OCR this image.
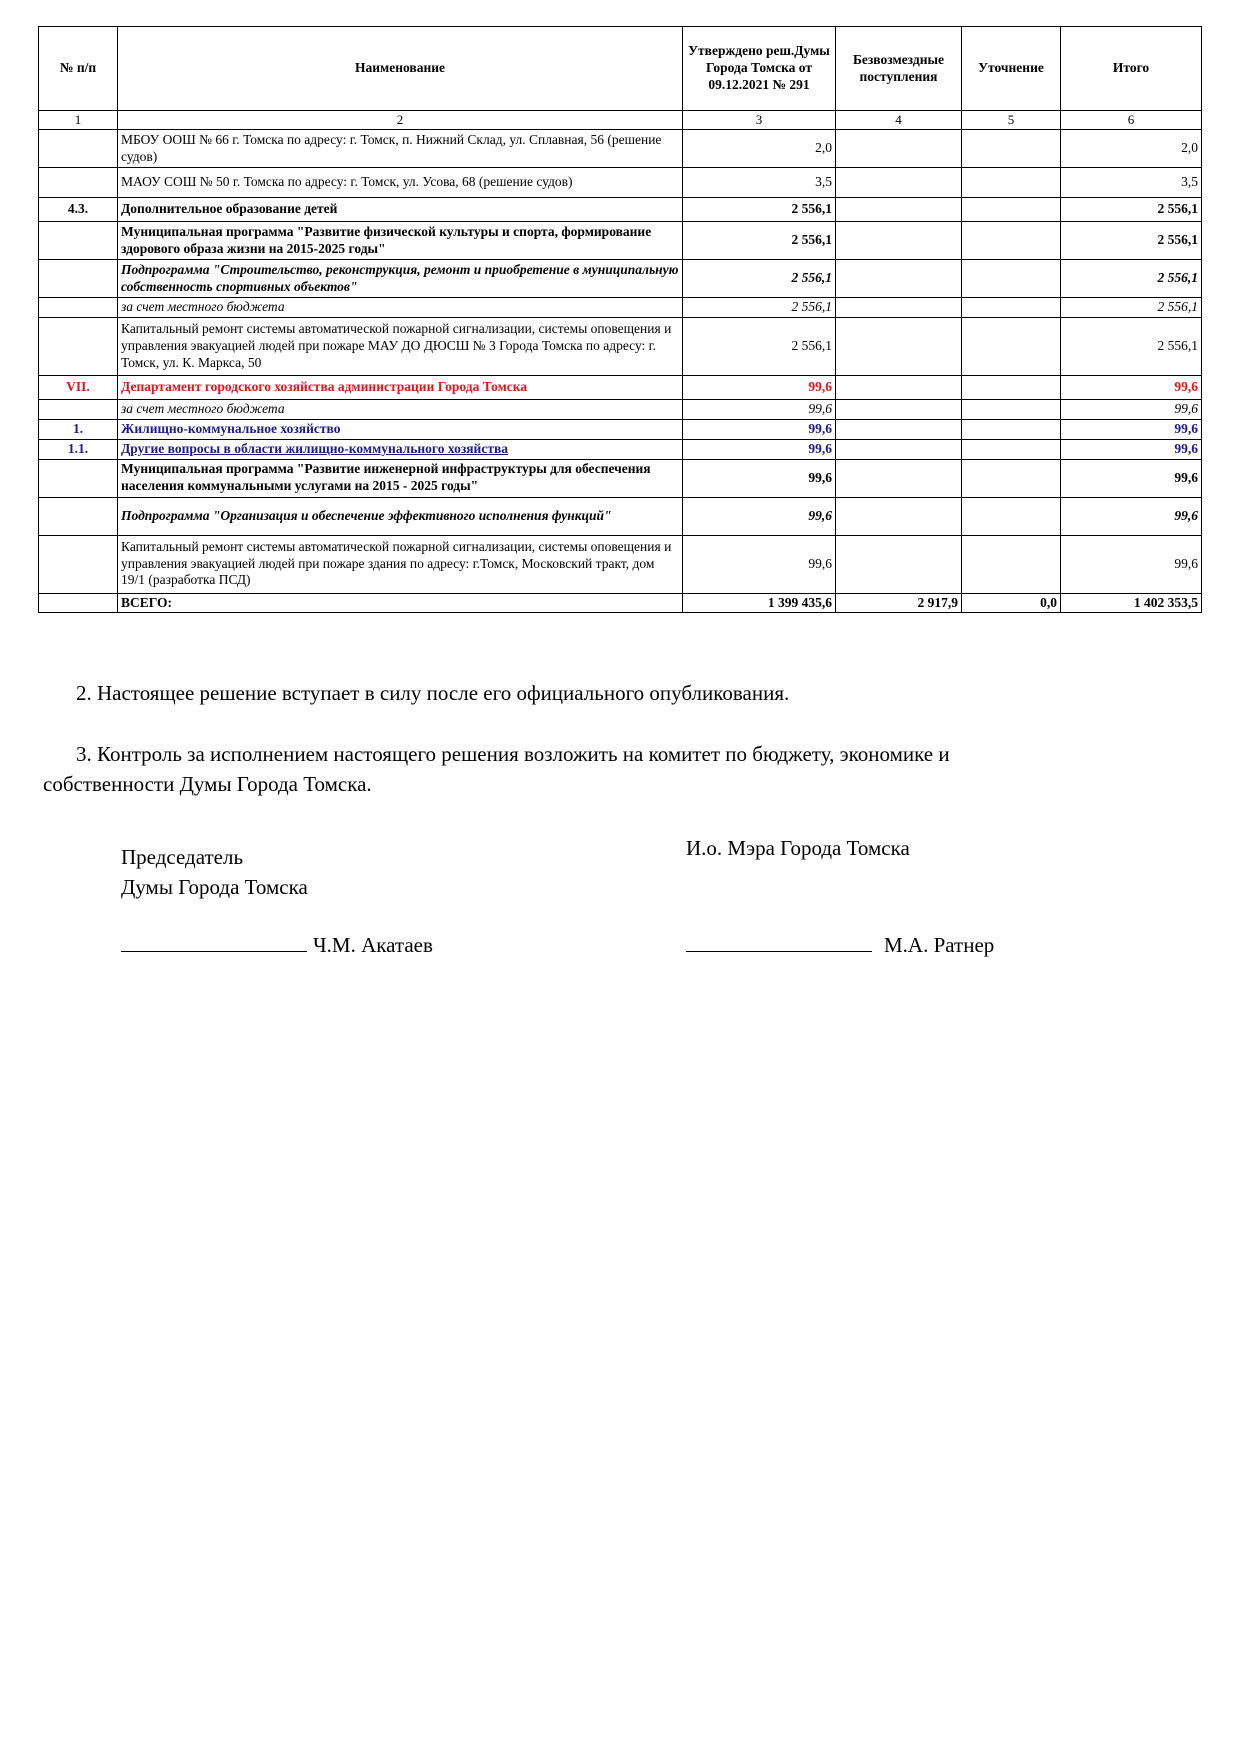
№ п/п	Наименование	Утверждено реш.Думы Города Томска от 09.12.2021 № 291	Безвозмездные поступления	Уточнение	Итого
1	2	3	4	5	6
	МБОУ ООШ № 66 г. Томска по адресу: г. Томск, п. Нижний Склад, ул. Сплавная, 56 (решение судов)	2,0			2,0
	МАОУ СОШ № 50 г. Томска по адресу: г. Томск, ул. Усова, 68 (решение судов)	3,5			3,5
4.3.	Дополнительное образование детей	2 556,1			2 556,1
	Муниципальная программа "Развитие физической культуры и спорта, формирование здорового образа жизни на 2015-2025 годы"	2 556,1			2 556,1
	Подпрограмма "Строительство, реконструкция, ремонт и приобретение в муниципальную собственность спортивных объектов"	2 556,1			2 556,1
	за счет местного бюджета	2 556,1			2 556,1
	Капитальный ремонт системы автоматической пожарной сигнализации, системы оповещения и управления эвакуацией людей при пожаре МАУ ДО ДЮСШ № 3 Города Томска по адресу: г. Томск, ул. К. Маркса, 50	2 556,1			2 556,1
VII.	Департамент городского хозяйства администрации Города Томска	99,6			99,6
	за счет местного бюджета	99,6			99,6
1.	Жилищно-коммунальное хозяйство	99,6			99,6
1.1.	Другие вопросы в области жилищно-коммунального хозяйства	99,6			99,6
	Муниципальная программа "Развитие инженерной инфраструктуры для обеспечения населения коммунальными услугами на 2015 - 2025 годы"	99,6			99,6
	Подпрограмма "Организация и обеспечение эффективного исполнения функций"	99,6			99,6
	Капитальный ремонт системы автоматической пожарной сигнализации, системы оповещения и управления эвакуацией людей при пожаре здания по адресу: г.Томск, Московский тракт, дом 19/1 (разработка ПСД)	99,6			99,6
	ВСЕГО:	1 399 435,6	2 917,9	0,0	1 402 353,5

2. Настоящее решение вступает в силу после его официального опубликования.

3. Контроль за исполнением настоящего решения возложить на комитет по бюджету, экономике и

собственности Думы Города Томска.

Председатель
Думы Города Томска
И.о. Мэра Города Томска
Ч.М. Акатаев	М.А. Ратнер
